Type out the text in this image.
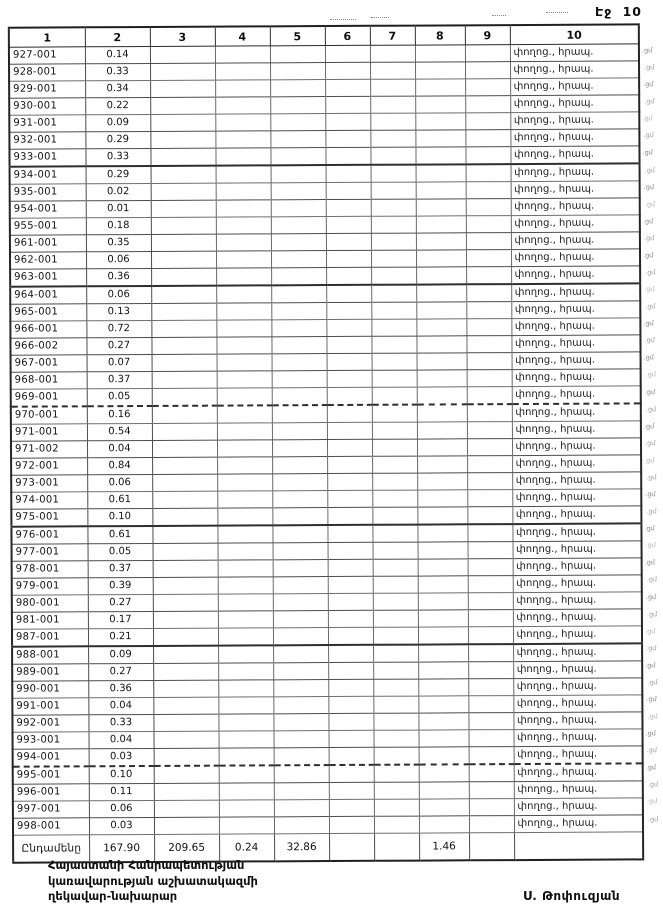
Էջ 10
1	2	3	4	5	6	7	8	9	10
927-001	0.14								փողոց., հրապ.
928-001	0.33								փողոց., հրապ.
929-001	0.34								փողոց., հրապ.
930-001	0.22								փողոց., հրապ.
931-001	0.09								փողոց., հրապ.
932-001	0.29								փողոց., հրապ.
933-001	0.33								փողոց., հրապ.
934-001	0.29								փողոց., հրապ.
935-001	0.02								փողոց., հրապ.
954-001	0.01								փողոց., հրապ.
955-001	0.18								փողոց., հրապ.
961-001	0.35								փողոց., հրապ.
962-001	0.06								փողոց., հրապ.
963-001	0.36								փողոց., հրապ.
964-001	0.06								փողոց., հրապ.
965-001	0.13								փողոց., հրապ.
966-001	0.72								փողոց., հրապ.
966-002	0.27								փողոց., հրապ.
967-001	0.07								փողոց., հրապ.
968-001	0.37								փողոց., հրապ.
969-001	0.05								փողոց., հրապ.
970-001	0.16								փողոց., հրապ.
971-001	0.54								փողոց., հրապ.
971-002	0.04								փողոց., հրապ.
972-001	0.84								փողոց., հրապ.
973-001	0.06								փողոց., հրապ.
974-001	0.61								փողոց., հրապ.
975-001	0.10								փողոց., հրապ.
976-001	0.61								փողոց., հրապ.
977-001	0.05								փողոց., հրապ.
978-001	0.37								փողոց., հրապ.
979-001	0.39								փողոց., հրապ.
980-001	0.27								փողոց., հրապ.
981-001	0.17								փողոց., հրապ.
987-001	0.21								փողոց., հրապ.
988-001	0.09								փողոց., հրապ.
989-001	0.27								փողոց., հրապ.
990-001	0.36								փողոց., հրապ.
991-001	0.04								փողոց., հրապ.
992-001	0.33								փողոց., հրապ.
993-001	0.04								փողոց., հրապ.
994-001	0.03								փողոց., հրապ.
995-001	0.10								փողոց., հրապ.
996-001	0.11								փողոց., հրապ.
997-001	0.06								փողոց., հրապ.
998-001	0.03								փողոց., հրապ.
Ընդամենը	167.90	209.65	0.24	32.86			1.46		
.ցմ
.ցմ
.ցմ
.ցմ
.ցմ
.ցմ
.ցմ
.ցմ
.ցմ
.ցմ
.ցմ
.ցմ
.ցմ
.ցմ
.ցմ
.ցմ
.ցմ
.ցմ
.ցմ
.ցմ
.ցմ
.ցմ
.ցմ
.ցմ
.ցմ
.ցմ
.ցմ
.ցմ
.ցմ
.ցմ
.ցմ
.ցմ
.ցմ
.ցմ
.ցմ
.ցմ
.ցմ
.ցմ
.ցմ
.ցմ
.ցմ
.ցմ
.ցմ
.ցմ
.ցմ
.ցմ
Հայաստանի Հանրապետության
կառավարության աշխատակազմի
ղեկավար-նախարար	Ս. Թոփուզյան
